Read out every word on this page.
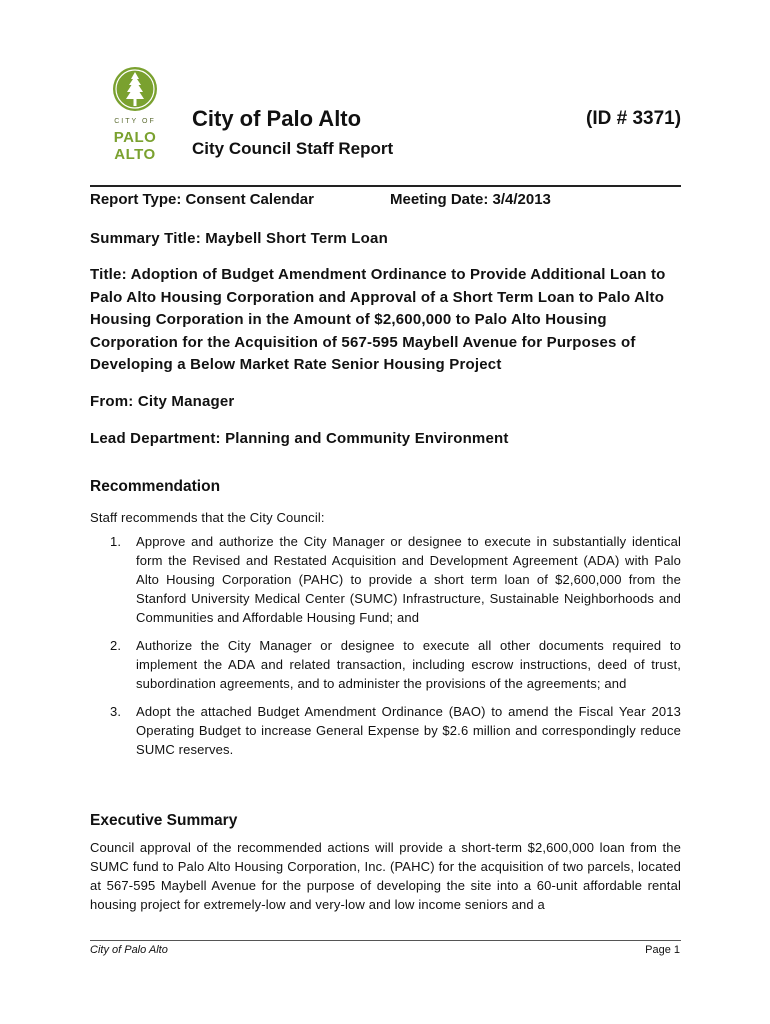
CITY OF
PALO
ALTO
City of Palo Alto	(ID # 3371)
City Council Staff Report
Report Type: Consent Calendar	Meeting Date: 3/4/2013
Summary Title: Maybell Short Term Loan
Title: Adoption of Budget Amendment Ordinance to Provide Additional Loan to Palo Alto Housing Corporation and Approval of a Short Term Loan to Palo Alto Housing Corporation in the Amount of $2,600,000 to Palo Alto Housing Corporation for the Acquisition of 567-595 Maybell Avenue for Purposes of Developing a Below Market Rate Senior Housing Project
From: City Manager
Lead Department: Planning and Community Environment
Recommendation
Staff recommends that the City Council:
1. Approve and authorize the City Manager or designee to execute in substantially identical form the Revised and Restated Acquisition and Development Agreement (ADA) with Palo Alto Housing Corporation (PAHC) to provide a short term loan of $2,600,000 from the Stanford University Medical Center (SUMC) Infrastructure, Sustainable Neighborhoods and Communities and Affordable Housing Fund; and
2. Authorize the City Manager or designee to execute all other documents required to implement the ADA and related transaction, including escrow instructions, deed of trust, subordination agreements, and to administer the provisions of the agreements; and
3. Adopt the attached Budget Amendment Ordinance (BAO) to amend the Fiscal Year 2013 Operating Budget to increase General Expense by $2.6 million and correspondingly reduce SUMC reserves.
Executive Summary
Council approval of the recommended actions will provide a short-term $2,600,000 loan from the SUMC fund to Palo Alto Housing Corporation, Inc. (PAHC) for the acquisition of two parcels, located at 567-595 Maybell Avenue for the purpose of developing the site into a 60-unit affordable rental housing project for extremely-low and very-low and low income seniors and a
City of Palo Alto	Page 1
